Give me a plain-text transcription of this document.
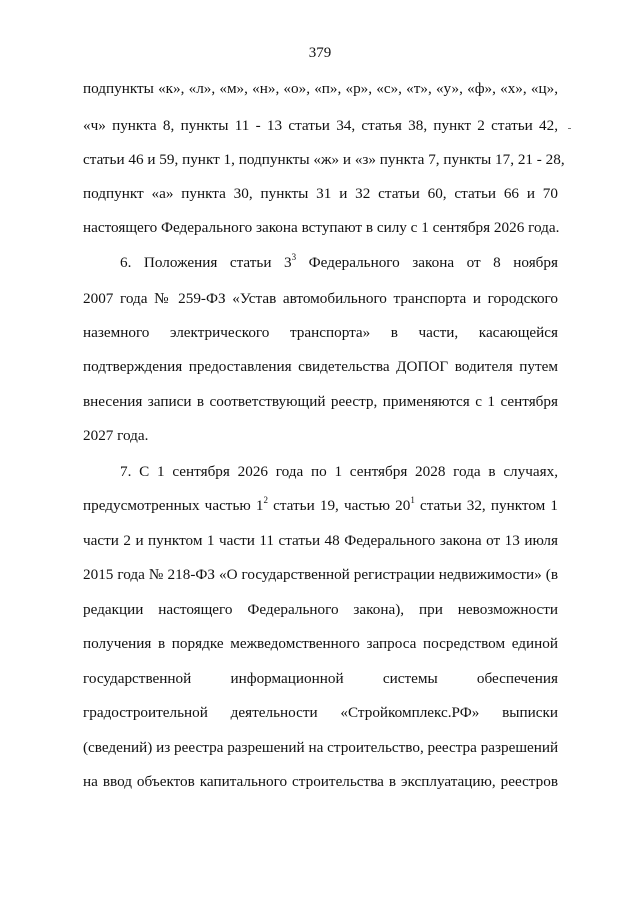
379
подпункты «к», «л», «м», «н», «о», «п», «р», «с», «т», «у», «ф», «х», «ц»,
«ч» пункта 8, пункты 11 - 13 статьи 34, статья 38, пункт 2 статьи 42,
статьи 46 и 59, пункт 1, подпункты «ж» и «з» пункта 7, пункты 17, 21 - 28,
подпункт «а» пункта 30, пункты 31 и 32 статьи 60, статьи 66 и 70
настоящего Федерального закона вступают в силу с 1 сентября 2026 года.
6. Положения статьи $3^3$ Федерального закона от 8 ноября
2007 года № 259-ФЗ «Устав автомобильного транспорта и городского
наземного электрического транспорта» в части, касающейся
подтверждения предоставления свидетельства ДОПОГ водителя путем
внесения записи в соответствующий реестр, применяются с 1 сентября
2027 года.
7. С 1 сентября 2026 года по 1 сентября 2028 года в случаях,
предусмотренных частью $1^2$ статьи 19, частью $20^1$ статьи 32, пунктом 1
части 2 и пунктом 1 части 11 статьи 48 Федерального закона от 13 июля
2015 года № 218-ФЗ «О государственной регистрации недвижимости» (в
редакции настоящего Федерального закона), при невозможности
получения в порядке межведомственного запроса посредством единой
государственной информационной системы обеспечения
градостроительной деятельности «Стройкомплекс.РФ» выписки
(сведений) из реестра разрешений на строительство, реестра разрешений
на ввод объектов капитального строительства в эксплуатацию, реестров
